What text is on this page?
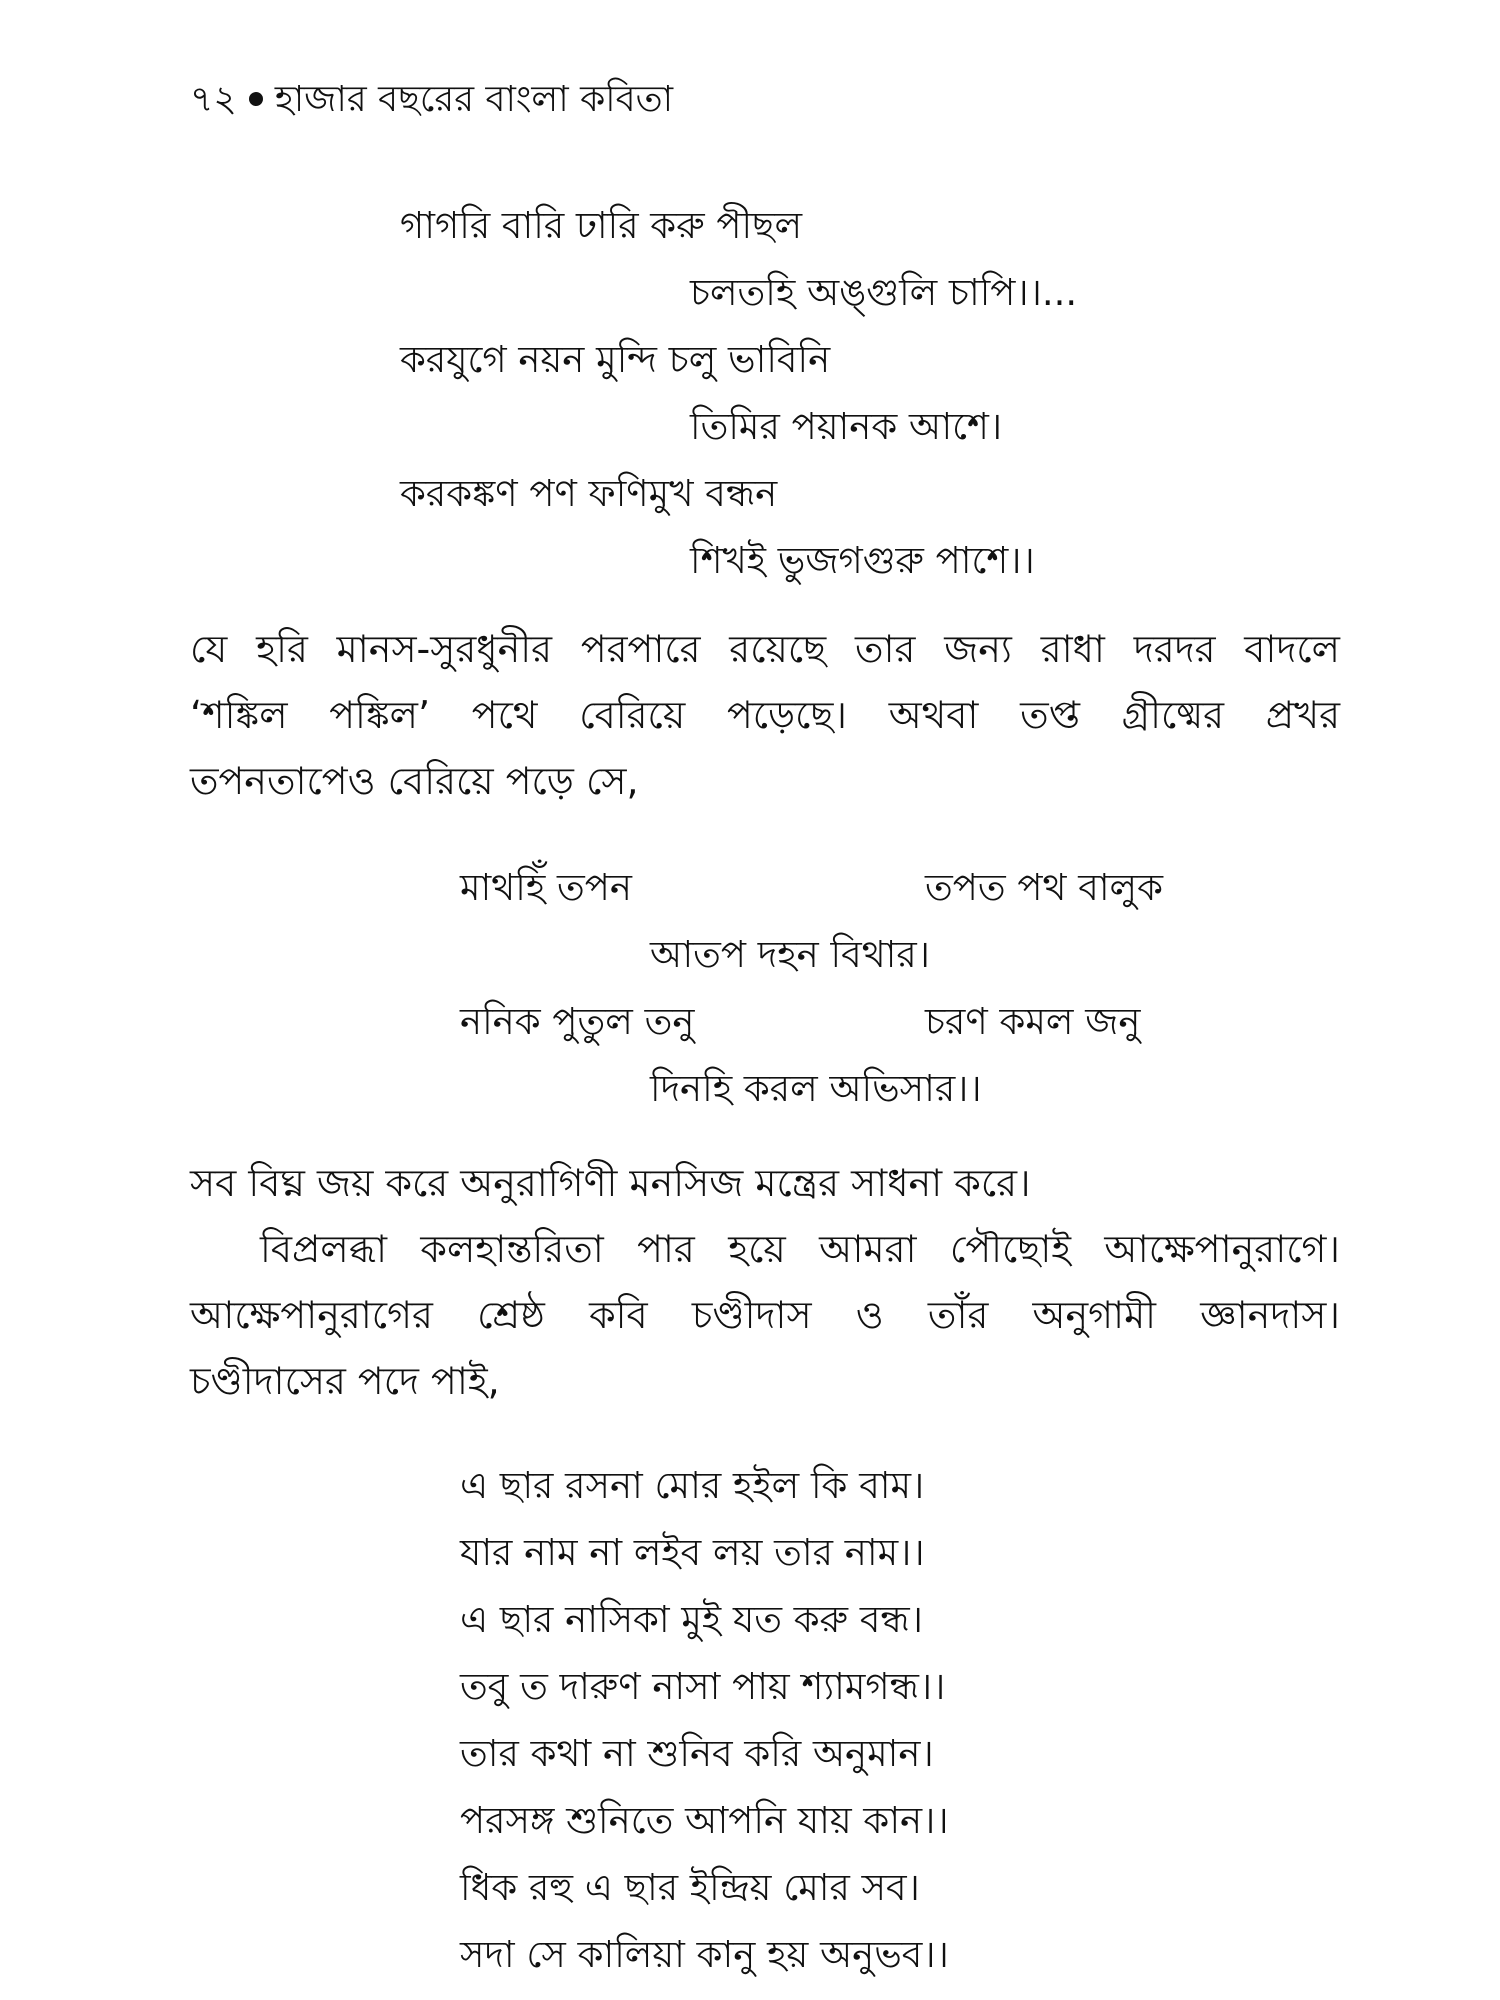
৭২ হাজার বছরের বাংলা কবিতা
গাগরি বারি ঢারি করু পীছল
চলতহি অঙ্গুলি চাপি।।...
করযুগে নয়ন মুন্দি চলু ভাবিনি
তিমির পয়ানক আশে।
করকঙ্কণ পণ ফণিমুখ বন্ধন
শিখই ভুজগগুরু পাশে।।
যে হরি মানস-সুরধুনীর পরপারে রয়েছে তার জন্য রাধা দরদর বাদলে
‘শঙ্কিল পঙ্কিল’ পথে বেরিয়ে পড়েছে। অথবা তপ্ত গ্রীষ্মের প্রখর
তপনতাপেও বেরিয়ে পড়ে সে,
মাথহিঁ তপন	তপত পথ বালুক
আতপ দহন বিথার।
ননিক পুতুল তনু	চরণ কমল জনু
দিনহি করল অভিসার।।
সব বিঘ্ন জয় করে অনুরাগিণী মনসিজ মন্ত্রের সাধনা করে।
বিপ্রলব্ধা কলহান্তরিতা পার হয়ে আমরা পৌছোই আক্ষেপানুরাগে।
আক্ষেপানুরাগের শ্রেষ্ঠ কবি চণ্ডীদাস ও তাঁর অনুগামী জ্ঞানদাস।
চণ্ডীদাসের পদে পাই,
এ ছার রসনা মোর হইল কি বাম।
যার নাম না লইব লয় তার নাম।।
এ ছার নাসিকা মুই যত করু বন্ধ।
তবু ত দারুণ নাসা পায় শ্যামগন্ধ।।
তার কথা না শুনিব করি অনুমান।
পরসঙ্গ শুনিতে আপনি যায় কান।।
ধিক রহু এ ছার ইন্দ্রিয় মোর সব।
সদা সে কালিয়া কানু হয় অনুভব।।
